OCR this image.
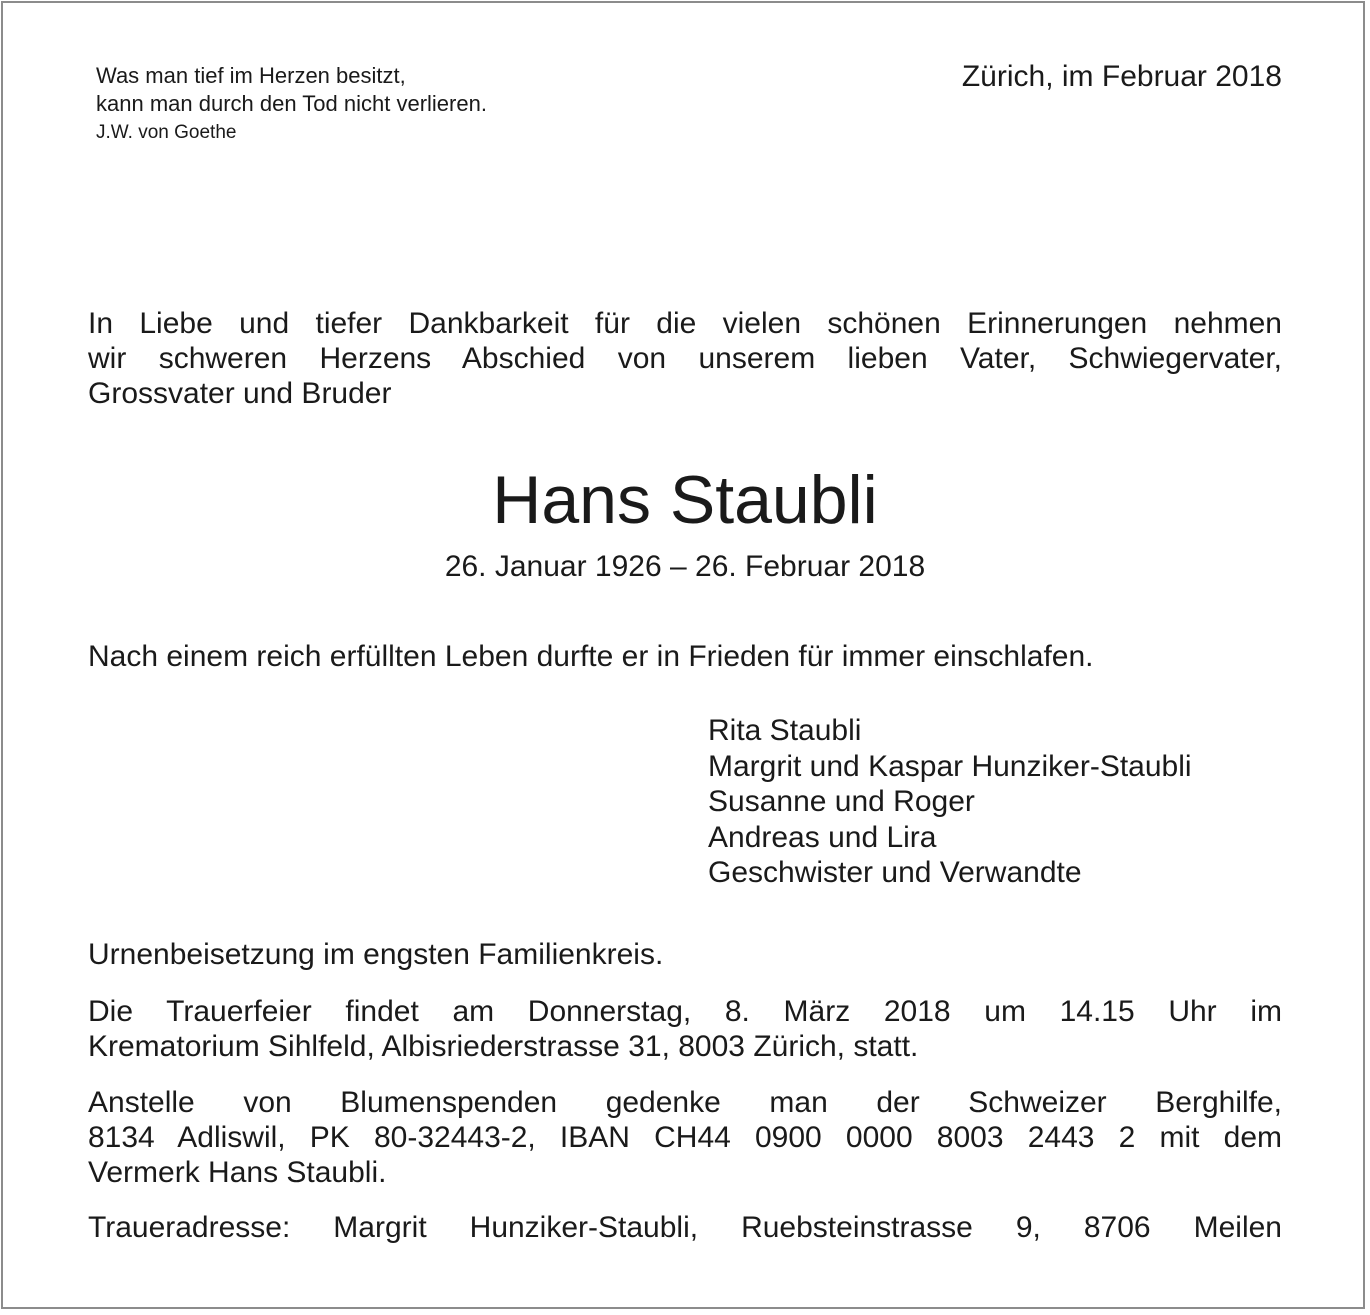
Was man tief im Herzen besitzt,
kann man durch den Tod nicht verlieren.
J.W. von Goethe
Zürich, im Februar 2018
In Liebe und tiefer Dankbarkeit für die vielen schönen Erinnerungen nehmen
wir schweren Herzens Abschied von unserem lieben Vater, Schwiegervater,
Grossvater und Bruder
Hans Staubli
26. Januar 1926 – 26. Februar 2018
Nach einem reich erfüllten Leben durfte er in Frieden für immer einschlafen.
Rita Staubli
Margrit und Kaspar Hunziker-Staubli
Susanne und Roger
Andreas und Lira
Geschwister und Verwandte
Urnenbeisetzung im engsten Familienkreis.
Die Trauerfeier findet am Donnerstag, 8. März 2018 um 14.15 Uhr im
Krematorium Sihlfeld, Albisriederstrasse 31, 8003 Zürich, statt.
Anstelle von Blumenspenden gedenke man der Schweizer Berghilfe,
8134 Adliswil, PK 80-32443-2, IBAN CH44 0900 0000 8003 2443 2 mit dem
Vermerk Hans Staubli.
Traueradresse: Margrit Hunziker-Staubli, Ruebsteinstrasse 9, 8706 Meilen
